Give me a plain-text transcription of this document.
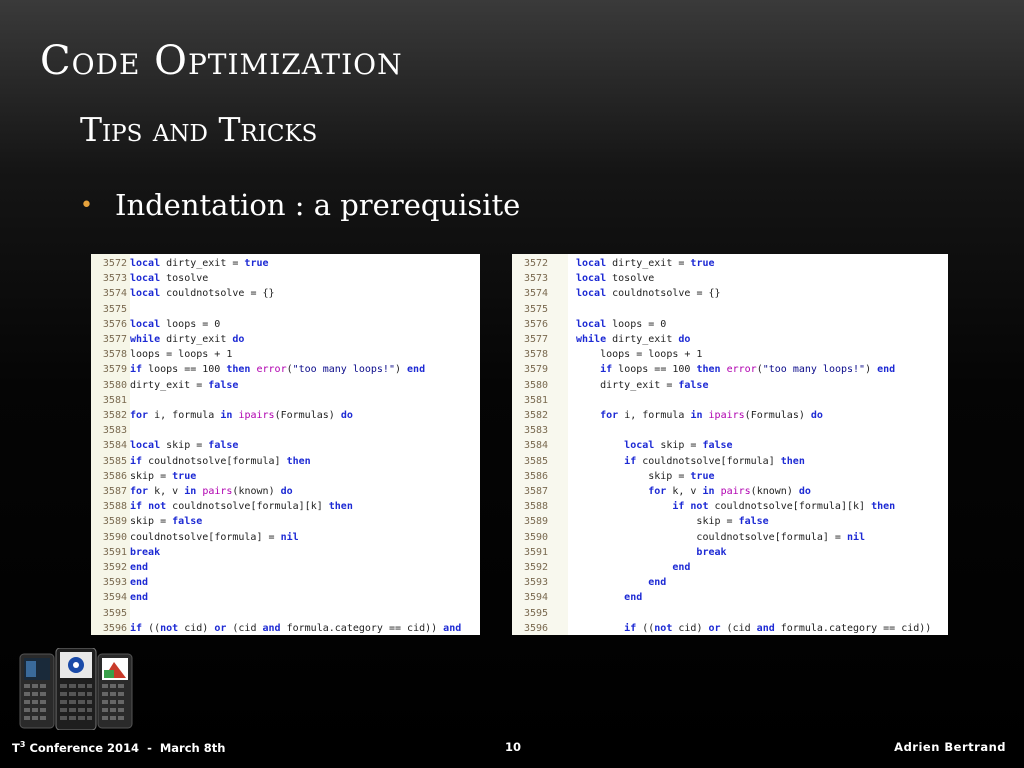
Code Optimization
Tips and Tricks
• Indentation : a prerequisite
3572 local dirty_exit = true
3573 local tosolve
3574 local couldnotsolve = {}
3575
3576 local loops = 0
3577 while dirty_exit do
3578 loops = loops + 1
3579 if loops == 100 then error("too many loops!") end
3580 dirty_exit = false
3581
3582 for i, formula in ipairs(Formulas) do
3583
3584 local skip = false
3585 if couldnotsolve[formula] then
3586 skip = true
3587 for k, v in pairs(known) do
3588 if not couldnotsolve[formula][k] then
3589 skip = false
3590 couldnotsolve[formula] = nil
3591 break
3592 end
3593 end
3594 end
3595
3596 if ((not cid) or (cid and formula.category == cid)) and
3572	local dirty_exit = true
3573	local tosolve
3574	local couldnotsolve = {}
3575
3576	local loops = 0
3577	while dirty_exit do
3578	loops = loops + 1
3579	if loops == 100 then error("too many loops!") end
3580	dirty_exit = false
3581
3582	for i, formula in ipairs(Formulas) do
3583
3584	local skip = false
3585	if couldnotsolve[formula] then
3586	skip = true
3587	for k, v in pairs(known) do
3588	if not couldnotsolve[formula][k] then
3589	skip = false
3590	couldnotsolve[formula] = nil
3591	break
3592	end
3593	end
3594	end
3595
3596	if ((not cid) or (cid and formula.category == cid))
$T^3$ Conference 2014  -  March 8th	10	Adrien Bertrand
